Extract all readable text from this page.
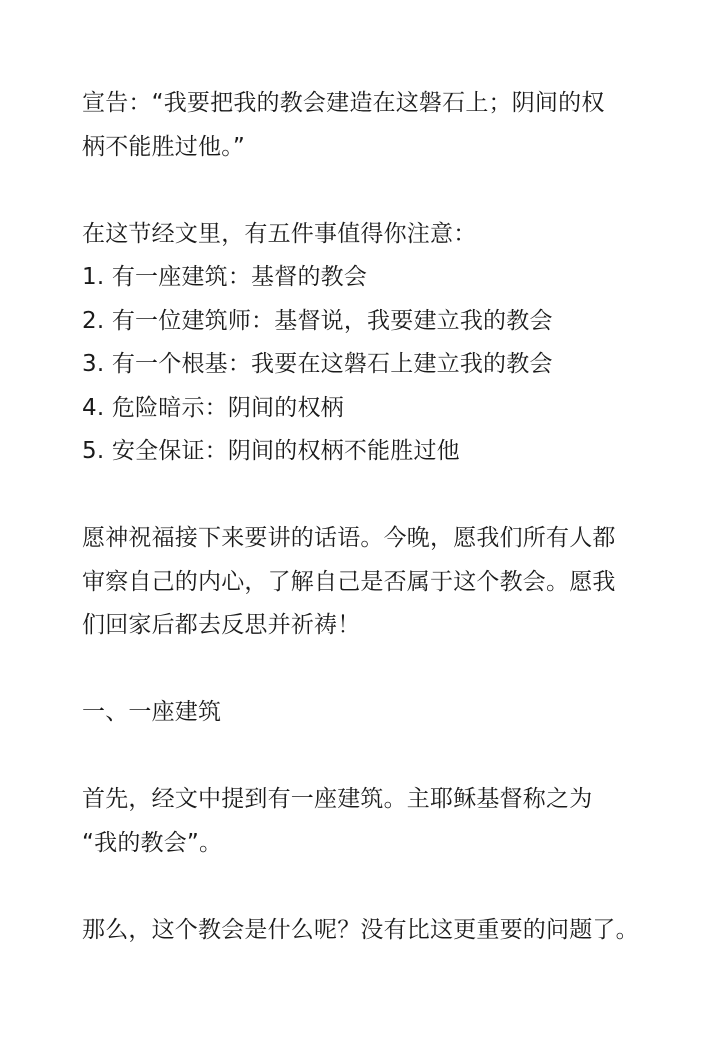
宣告：“我要把我的教会建造在这磐石上；阴间的权
柄不能胜过他。”
在这节经文里，有五件事值得你注意：
1. 有一座建筑：基督的教会
2. 有一位建筑师：基督说，我要建立我的教会
3. 有一个根基：我要在这磐石上建立我的教会
4. 危险暗示：阴间的权柄
5. 安全保证：阴间的权柄不能胜过他
愿神祝福接下来要讲的话语。今晚，愿我们所有人都
审察自己的内心，了解自己是否属于这个教会。愿我
们回家后都去反思并祈祷！
一、一座建筑
首先，经文中提到有一座建筑。主耶稣基督称之为
“我的教会”。
那么，这个教会是什么呢？没有比这更重要的问题了。
